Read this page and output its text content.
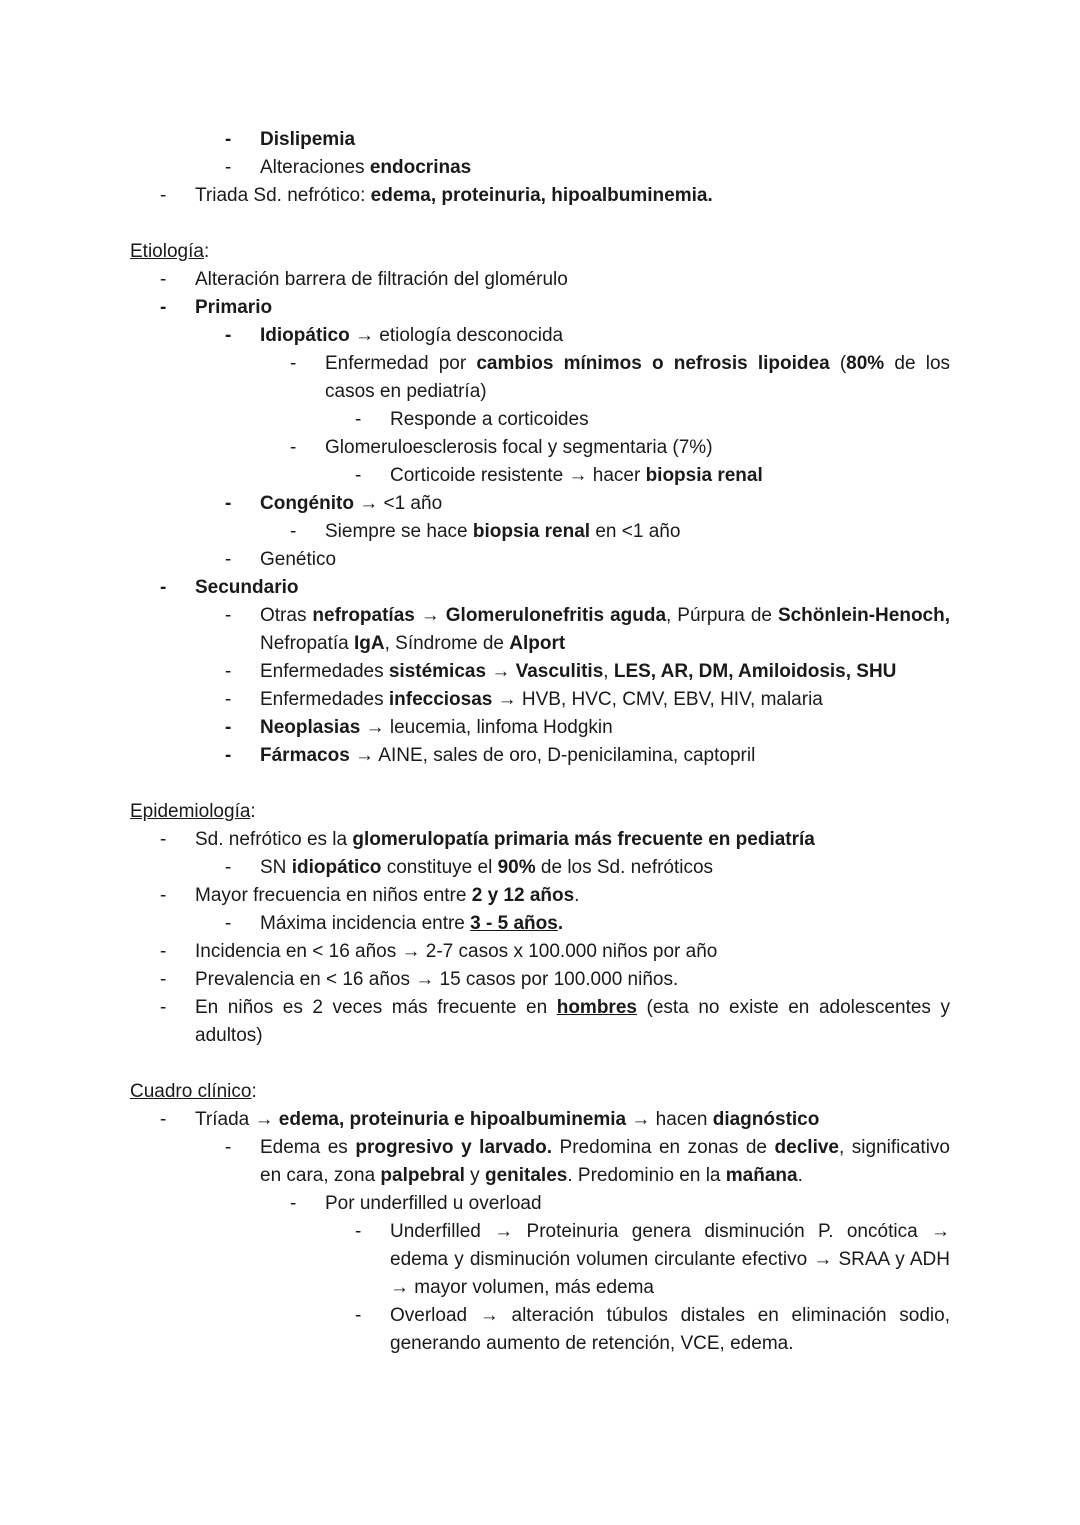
-	Dislipemia
-	Alteraciones endocrinas
-	Triada Sd. nefrótico: edema, proteinuria, hipoalbuminemia.
Etiología:
-	Alteración barrera de filtración del glomérulo
-	Primario
-	Idiopático → etiología desconocida
-	Enfermedad por cambios mínimos o nefrosis lipoidea (80% de los casos en pediatría)
-	Responde a corticoides
-	Glomeruloesclerosis focal y segmentaria (7%)
-	Corticoide resistente → hacer biopsia renal
-	Congénito → <1 año
-	Siempre se hace biopsia renal en <1 año
-	Genético
-	Secundario
-	Otras nefropatías → Glomerulonefritis aguda, Púrpura de Schönlein-Henoch, Nefropatía IgA, Síndrome de Alport
-	Enfermedades sistémicas → Vasculitis, LES, AR, DM, Amiloidosis, SHU
-	Enfermedades infecciosas → HVB, HVC, CMV, EBV, HIV, malaria
-	Neoplasias → leucemia, linfoma Hodgkin
-	Fármacos → AINE, sales de oro, D-penicilamina, captopril
Epidemiología:
-	Sd. nefrótico es la glomerulopatía primaria más frecuente en pediatría
-	SN idiopático constituye el 90% de los Sd. nefróticos
-	Mayor frecuencia en niños entre 2 y 12 años.
-	Máxima incidencia entre 3 - 5 años.
-	Incidencia en < 16 años → 2-7 casos x 100.000 niños por año
-	Prevalencia en < 16 años → 15 casos por 100.000 niños.
-	En niños es 2 veces más frecuente en hombres (esta no existe en adolescentes y adultos)
Cuadro clínico:
-	Tríada → edema, proteinuria e hipoalbuminemia → hacen diagnóstico
-	Edema es progresivo y larvado. Predomina en zonas de declive, significativo en cara, zona palpebral y genitales. Predominio en la mañana.
-	Por underfilled u overload
-	Underfilled → Proteinuria genera disminución P. oncótica → edema y disminución volumen circulante efectivo → SRAA y ADH → mayor volumen, más edema
-	Overload → alteración túbulos distales en eliminación sodio, generando aumento de retención, VCE, edema.
